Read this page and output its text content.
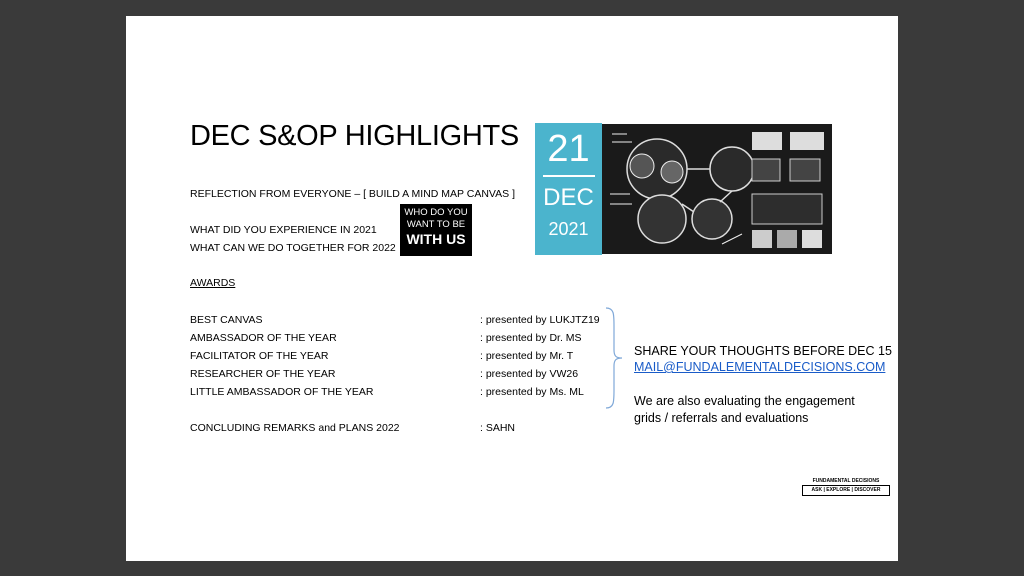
DEC S&OP HIGHLIGHTS
REFLECTION FROM EVERYONE – [ BUILD A MIND MAP CANVAS ]
WHAT DID YOU EXPERIENCE IN 2021
WHAT CAN WE DO TOGETHER FOR 2022
WHO DO YOU
WANT TO BE
WITH US
21
DEC
2021
AWARDS
BEST CANVAS	: presented by LUKJTZ19
AMBASSADOR OF THE YEAR	: presented by Dr. MS
FACILITATOR OF THE YEAR	: presented by Mr. T
RESEARCHER OF THE YEAR	: presented by VW26
LITTLE AMBASSADOR OF THE YEAR	: presented by Ms. ML
CONCLUDING REMARKS and PLANS 2022	: SAHN
SHARE YOUR THOUGHTS BEFORE DEC 15
MAIL@FUNDALEMENTALDECISIONS.COM
We are also evaluating the engagement
grids / referrals and evaluations
FUNDAMENTAL DECISIONS
ASK | EXPLORE | DISCOVER
